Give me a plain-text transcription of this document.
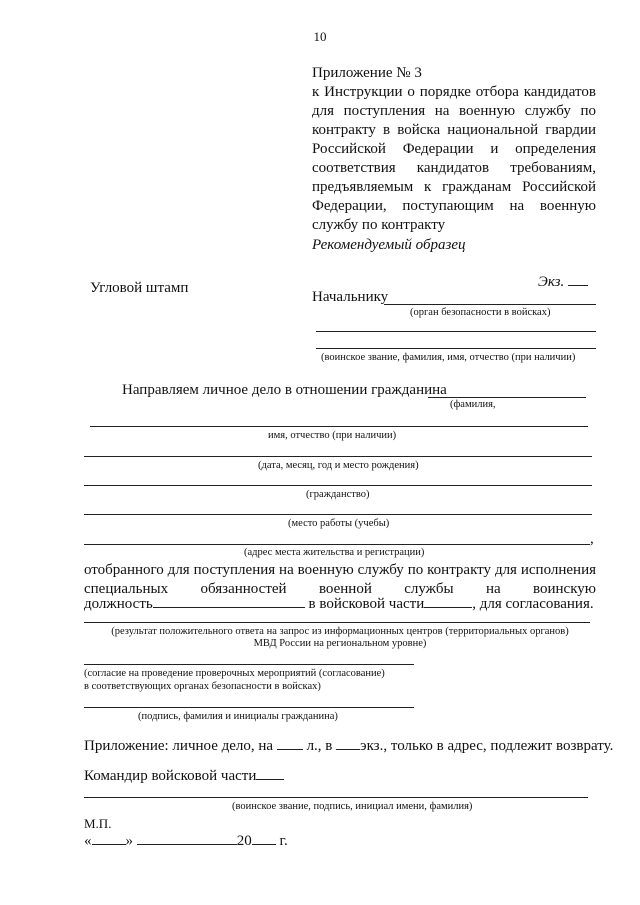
10
Приложение № 3
к Инструкции о порядке отбора кандидатов
для поступления на военную службу по
контракту в войска национальной гвардии
Российской Федерации и определения
соответствия кандидатов требованиям,
предъявляемым к гражданам Российской
Федерации, поступающим на военную
службу по контракту
Рекомендуемый образец
Угловой штамп	Экз.
Начальнику
(орган безопасности в войсках)
(воинское звание, фамилия, имя, отчество (при наличии)
Направляем личное дело в отношении гражданина
(фамилия,
имя, отчество (при наличии)
(дата, месяц, год и место рождения)
(гражданство)
(место работы (учебы)
,
(адрес места жительства и регистрации)
отобранного для поступления на военную службу по контракту для исполнения
специальных обязанностей военной службы на воинскую
должность	в войсковой части	, для согласования.
(результат положительного ответа на запрос из информационных центров (территориальных органов)
МВД России на региональном уровне)
(согласие на проведение проверочных мероприятий (согласование)
в соответствующих органах безопасности в войсках)
(подпись, фамилия и инициалы гражданина)
Приложение: личное дело, на л., в экз., только в адрес, подлежит возврату.
Командир войсковой части
(воинское звание, подпись, инициал имени, фамилия)
М.П.
« »	20 г.
